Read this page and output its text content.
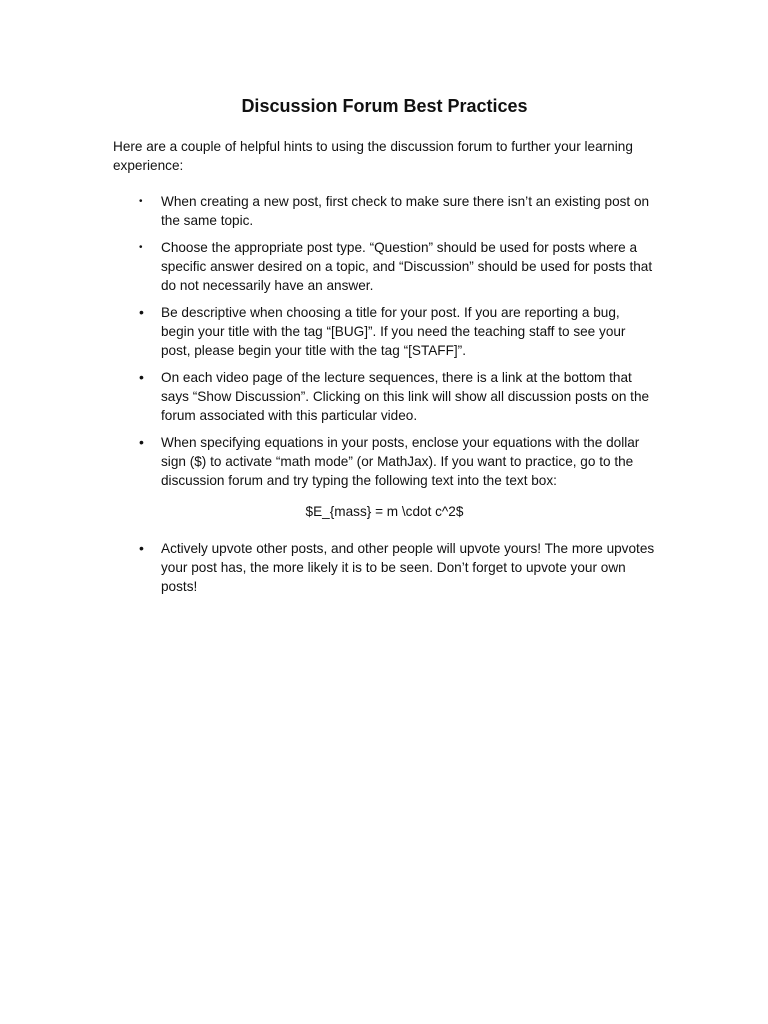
Discussion Forum Best Practices

Here are a couple of helpful hints to using the discussion forum to further your learning experience:

•	When creating a new post, first check to make sure there isn’t an existing post on the same topic.
•	Choose the appropriate post type. “Question” should be used for posts where a specific answer desired on a topic, and “Discussion” should be used for posts that do not necessarily have an answer.
•	Be descriptive when choosing a title for your post. If you are reporting a bug, begin your title with the tag “[BUG]”. If you need the teaching staff to see your post, please begin your title with the tag “[STAFF]”.
•	On each video page of the lecture sequences, there is a link at the bottom that says “Show Discussion”. Clicking on this link will show all discussion posts on the forum associated with this particular video.
•	When specifying equations in your posts, enclose your equations with the dollar sign ($) to activate “math mode” (or MathJax). If you want to practice, go to the discussion forum and try typing the following text into the text box:

$E_{mass} = m \cdot c^2$

•	Actively upvote other posts, and other people will upvote yours! The more upvotes your post has, the more likely it is to be seen. Don’t forget to upvote your own posts!
